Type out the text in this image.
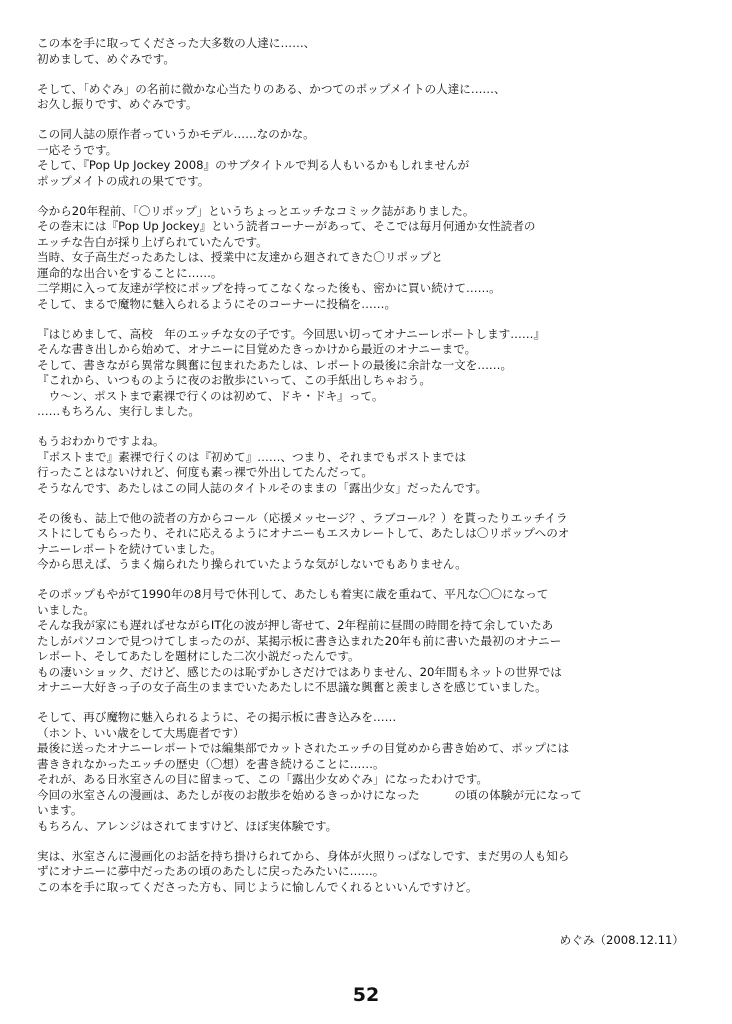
この本を手に取ってくださった大多数の人達に……、
初めまして、めぐみです。

そして、「めぐみ」の名前に微かな心当たりのある、かつてのポップメイトの人達に……、
お久し振りです、めぐみです。

この同人誌の原作者っていうかモデル……なのかな。
一応そうです。
そして、『Pop Up Jockey 2008』のサブタイトルで判る人もいるかもしれませんが
ポップメイトの成れの果てです。

今から20年程前、「〇リポップ」というちょっとエッチなコミック誌がありました。
その巻末には『Pop Up Jockey』という読者コーナーがあって、そこでは毎月何通か女性読者の
エッチな告白が採り上げられていたんです。
当時、女子高生だったあたしは、授業中に友達から廻されてきた〇リポップと
運命的な出合いをすることに……。
二学期に入って友達が学校にポップを持ってこなくなった後も、密かに買い続けて……。
そして、まるで魔物に魅入られるようにそのコーナーに投稿を……。

『はじめまして、高校　年のエッチな女の子です。今回思い切ってオナニーレポートします……』
そんな書き出しから始めて、オナニーに目覚めたきっかけから最近のオナニーまで。
そして、書きながら異常な興奮に包まれたあたしは、レポートの最後に余計な一文を……。
『これから、いつものように夜のお散歩にいって、この手紙出しちゃおう。
　ウ〜ン、ポストまで素裸で行くのは初めて、ドキ・ドキ』って。
……もちろん、実行しました。

もうおわかりですよね。
『ポストまで』素裸で行くのは『初めて』……、つまり、それまでもポストまでは
行ったことはないけれど、何度も素っ裸で外出してたんだって。
そうなんです、あたしはこの同人誌のタイトルそのままの「露出少女」だったんです。

その後も、誌上で他の読者の方からコール（応援メッセージ？、ラブコール？）を貰ったりエッチイラ
ストにしてもらったり、それに応えるようにオナニーもエスカレートして、あたしは〇リポップへのオ
ナニーレポートを続けていました。
今から思えば、うまく煽られたり操られていたような気がしないでもありません。

そのポップもやがて1990年の8月号で休刊して、あたしも着実に歳を重ねて、平凡な〇〇になって
いました。
そんな我が家にも遅ればせながらIT化の波が押し寄せて、2年程前に昼間の時間を持て余していたあ
たしがパソコンで見つけてしまったのが、某掲示板に書き込まれた20年も前に書いた最初のオナニー
レポート、そしてあたしを題材にした二次小説だったんです。
もの凄いショック、だけど、感じたのは恥ずかしさだけではありません、20年間もネットの世界では
オナニー大好きっ子の女子高生のままでいたあたしに不思議な興奮と羨ましさを感じていました。

そして、再び魔物に魅入られるように、その掲示板に書き込みを……
（ホント、いい歳をして大馬鹿者です）
最後に送ったオナニーレポートでは編集部でカットされたエッチの目覚めから書き始めて、ポップには
書ききれなかったエッチの歴史（〇想）を書き続けることに……。
それが、ある日氷室さんの目に留まって、この「露出少女めぐみ」になったわけです。
今回の氷室さんの漫画は、あたしが夜のお散歩を始めるきっかけになった　　　の頃の体験が元になって
います。
もちろん、アレンジはされてますけど、ほぼ実体験です。

実は、氷室さんに漫画化のお話を持ち掛けられてから、身体が火照りっぱなしです、まだ男の人も知ら
ずにオナニーに夢中だったあの頃のあたしに戻ったみたいに……。
この本を手に取ってくださった方も、同じように愉しんでくれるといいんですけど。

めぐみ（2008.12.11）
52
